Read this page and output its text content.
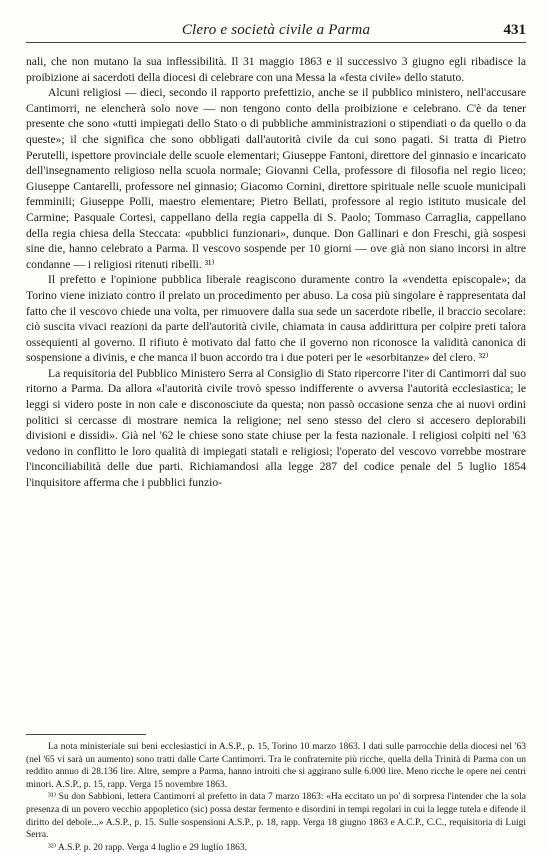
Clero e società civile a Parma	431

nali, che non mutano la sua inflessibilità. Il 31 maggio 1863 e il successivo 3 giugno egli ribadisce la proibizione ai sacerdoti della diocesi di celebrare con una Messa la «festa civile» dello statuto.

Alcuni religiosi — dieci, secondo il rapporto prefettizio, anche se il pubblico ministero, nell'accusare Cantimorri, ne elencherà solo nove — non tengono conto della proibizione e celebrano. C'è da tener presente che sono «tutti impiegati dello Stato o di pubbliche amministrazioni o stipendiati o da quello o da queste»; il che significa che sono obbligati dall'autorità civile da cui sono pagati. Si tratta di Pietro Perutelli, ispettore provinciale delle scuole elementari; Giuseppe Fantoni, direttore del ginnasio e incaricato dell'insegnamento religioso nella scuola normale; Giovanni Cella, professore di filosofia nel regio liceo; Giuseppe Cantarelli, professore nel ginnasio; Giacomo Cornini, direttore spirituale nelle scuole municipali femminili; Giuseppe Polli, maestro elementare; Pietro Bellati, professore al regio istituto musicale del Carmine; Pasquale Cortesi, cappellano della regia cappella di S. Paolo; Tommaso Carraglia, cappellano della regia chiesa della Steccata: «pubblici funzionari», dunque. Don Gallinari e don Freschi, già sospesi sine die, hanno celebrato a Parma. Il vescovo sospende per 10 giorni — ove già non siano incorsi in altre condanne — i religiosi ritenuti ribelli. ³¹⁾

Il prefetto e l'opinione pubblica liberale reagiscono duramente contro la «vendetta episcopale»; da Torino viene iniziato contro il prelato un procedimento per abuso. La cosa più singolare è rappresentata dal fatto che il vescovo chiede una volta, per rimuovere dalla sua sede un sacerdote ribelle, il braccio secolare: ciò suscita vivaci reazioni da parte dell'autorità civile, chiamata in causa addirittura per colpire preti talora ossequienti al governo. Il rifiuto è motivato dal fatto che il governo non riconosce la validità canonica di sospensione a divinis, e che manca il buon accordo tra i due poteri per le «esorbitanze» del clero. ³²⁾

La requisitoria del Pubblico Ministero Serra al Consiglio di Stato ripercorre l'iter di Cantimorri dal suo ritorno a Parma. Da allora «l'autorità civile trovò spesso indifferente o avversa l'autorità ecclesiastica; le leggi si videro poste in non cale e disconosciute da questa; non passò occasione senza che ai nuovi ordini politici si cercasse di mostrare nemica la religione; nel seno stesso del clero si accesero deplorabili divisioni e dissidi». Già nel '62 le chiese sono state chiuse per la festa nazionale. I religiosi colpiti nel '63 vedono in conflitto le loro qualità di impiegati statali e religiosi; l'operato del vescovo vorrebbe mostrare l'inconciliabilità delle due parti. Richiamandosi alla legge 287 del codice penale del 5 luglio 1854 l'inquisitore afferma che i pubblici funzio-

La nota ministeriale sui beni ecclesiastici in A.S.P., p. 15, Torino 10 marzo 1863. I dati sulle parrocchie della diocesi nel '63 (nel '65 vi sarà un aumento) sono tratti dalle Carte Cantimorri. Tra le confraternite più ricche, quella della Trinità di Parma con un reddito annuo di 28.136 lire. Altre, sempre a Parma, hanno introiti che si aggirano sulle 6.000 lire. Meno ricche le opere nei centri minori. A.S.P., p. 15, rapp. Verga 15 novembre 1863.

³¹⁾ Su don Sabbioni, lettera Cantimorri al prefetto in data 7 marzo 1863: «Ha eccitato un po' di sorpresa l'intender che la sola presenza di un povero vecchio appopletico (sic) possa destar fermento e disordini in tempi regolari in cui la legge tutela e difende il diritto del debole...» A.S.P., p. 15. Sulle sospensioni A.S.P., p. 18, rapp. Verga 18 giugno 1863 e A.C.P., C.C., requisitoria di Luigi Serra.

³²⁾ A.S.P. p. 20 rapp. Verga 4 luglio e 29 luglio 1863.
